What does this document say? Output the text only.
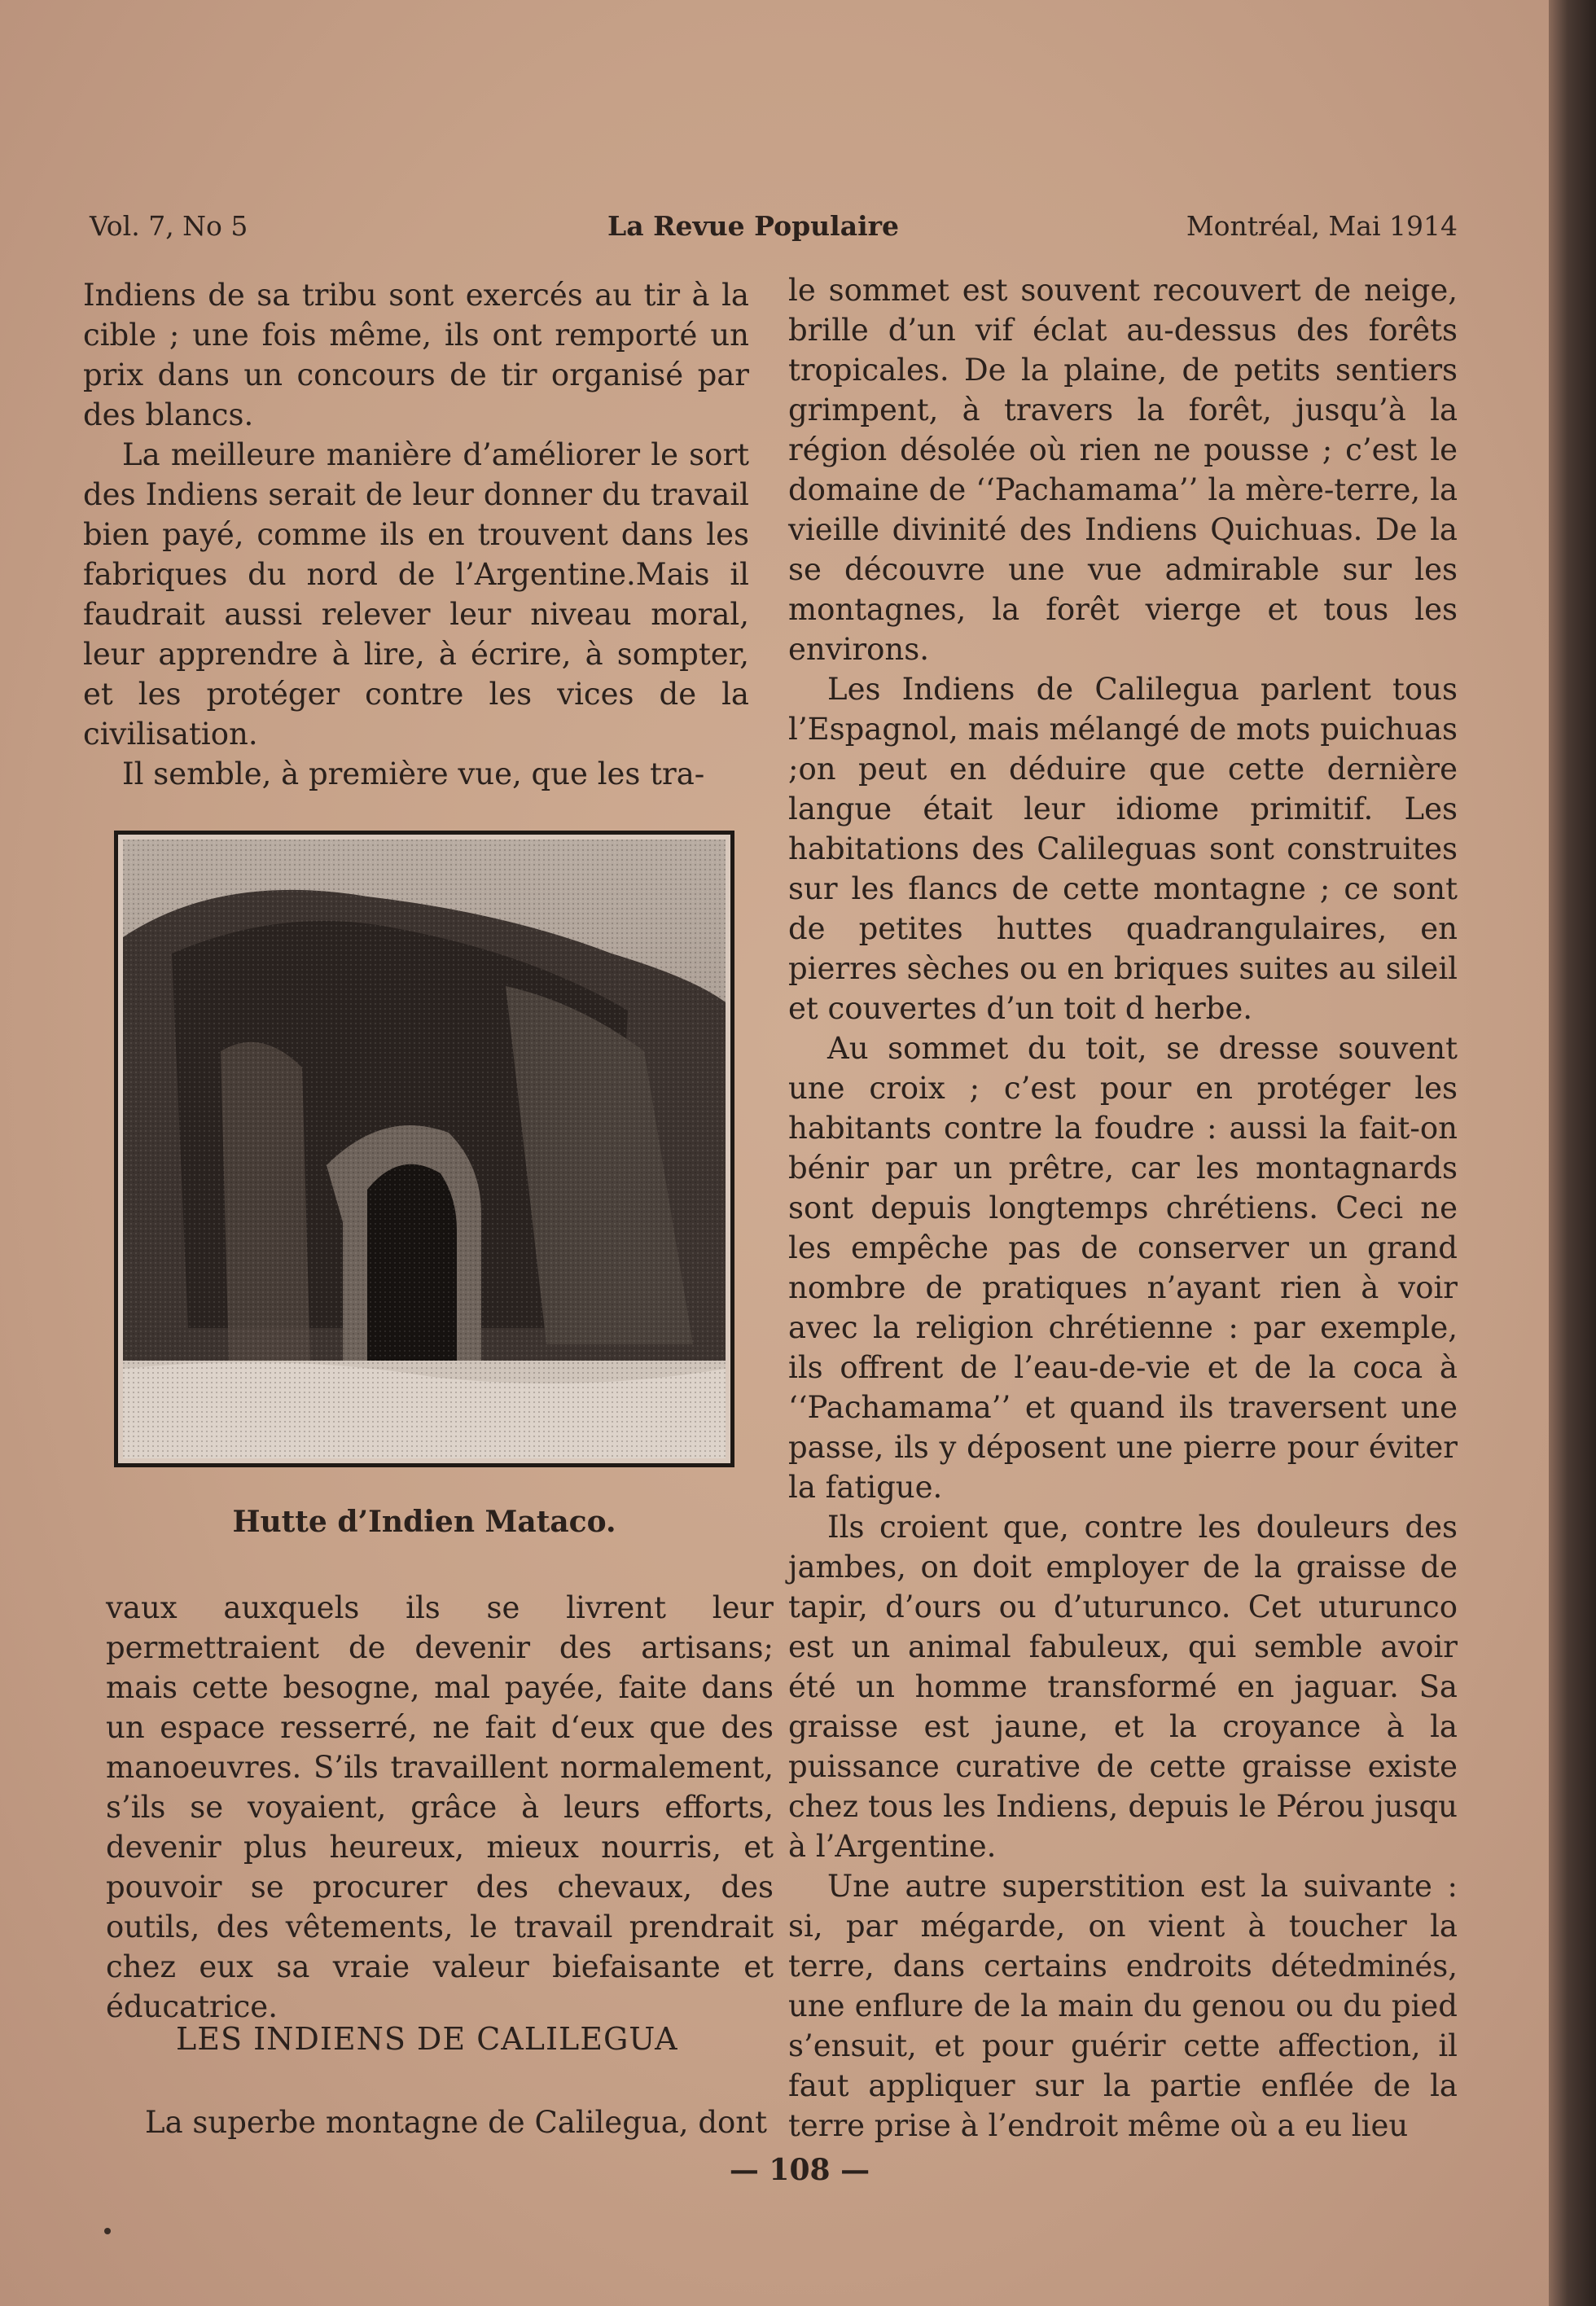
Vol. 7, No 5	La Revue Populaire	Montréal, Mai 1914

Indiens de sa tribu sont exercés au tir à la cible ; une fois même, ils ont remporté un prix dans un concours de tir organisé par des blancs.

La meilleure manière d’améliorer le sort des Indiens serait de leur donner du travail bien payé, comme ils en trouvent dans les fabriques du nord de l’Argentine.Mais il faudrait aussi relever leur niveau moral, leur apprendre à lire, à écrire, à sompter, et les protéger contre les vices de la civilisation.

Il semble, à première vue, que les tra-

Hutte d’Indien Mataco.

vaux auxquels ils se livrent leur permettraient de devenir des artisans; mais cette besogne, mal payée, faite dans un espace resserré, ne fait d‘eux que des manoeuvres. S’ils travaillent normalement, s’ils se voyaient, grâce à leurs efforts, devenir plus heureux, mieux nourris, et pouvoir se procurer des chevaux, des outils, des vêtements, le travail prendrait chez eux sa vraie valeur biefaisante et éducatrice.

LES INDIENS DE CALILEGUA
La superbe montagne de Calilegua, dont

le sommet est souvent recouvert de neige, brille d’un vif éclat au-dessus des forêts tropicales. De la plaine, de petits sentiers grimpent, à travers la forêt, jusqu’à la région désolée où rien ne pousse ; c’est le domaine de ‘‘Pachamama’’ la mère-terre, la vieille divinité des Indiens Quichuas. De la se découvre une vue admirable sur les montagnes, la forêt vierge et tous les environs.

Les Indiens de Calilegua parlent tous l’Espagnol, mais mélangé de mots puichuas ;on peut en déduire que cette dernière langue était leur idiome primitif. Les habitations des Calileguas sont construites sur les flancs de cette montagne ; ce sont de petites huttes quadrangulaires, en pierres sèches ou en briques suites au sileil et couvertes d’un toit d herbe.

Au sommet du toit, se dresse souvent une croix ; c’est pour en protéger les habitants contre la foudre : aussi la fait-on bénir par un prêtre, car les montagnards sont depuis longtemps chrétiens. Ceci ne les empêche pas de conserver un grand nombre de pratiques n’ayant rien à voir avec la religion chrétienne : par exemple, ils offrent de l’eau-de-vie et de la coca à ‘‘Pachamama’’ et quand ils traversent une passe, ils y déposent une pierre pour éviter la fatigue.

Ils croient que, contre les douleurs des jambes, on doit employer de la graisse de tapir, d’ours ou d’uturunco. Cet uturunco est un animal fabuleux, qui semble avoir été un homme transformé en jaguar. Sa graisse est jaune, et la croyance à la puissance curative de cette graisse existe chez tous les Indiens, depuis le Pérou jusqu à l’Argentine.

Une autre superstition est la suivante : si, par mégarde, on vient à toucher la terre, dans certains endroits détedminés, une enflure de la main du genou ou du pied s’ensuit, et pour guérir cette affection, il faut appliquer sur la partie enflée de la terre prise à l’endroit même où a eu lieu

— 108 —
